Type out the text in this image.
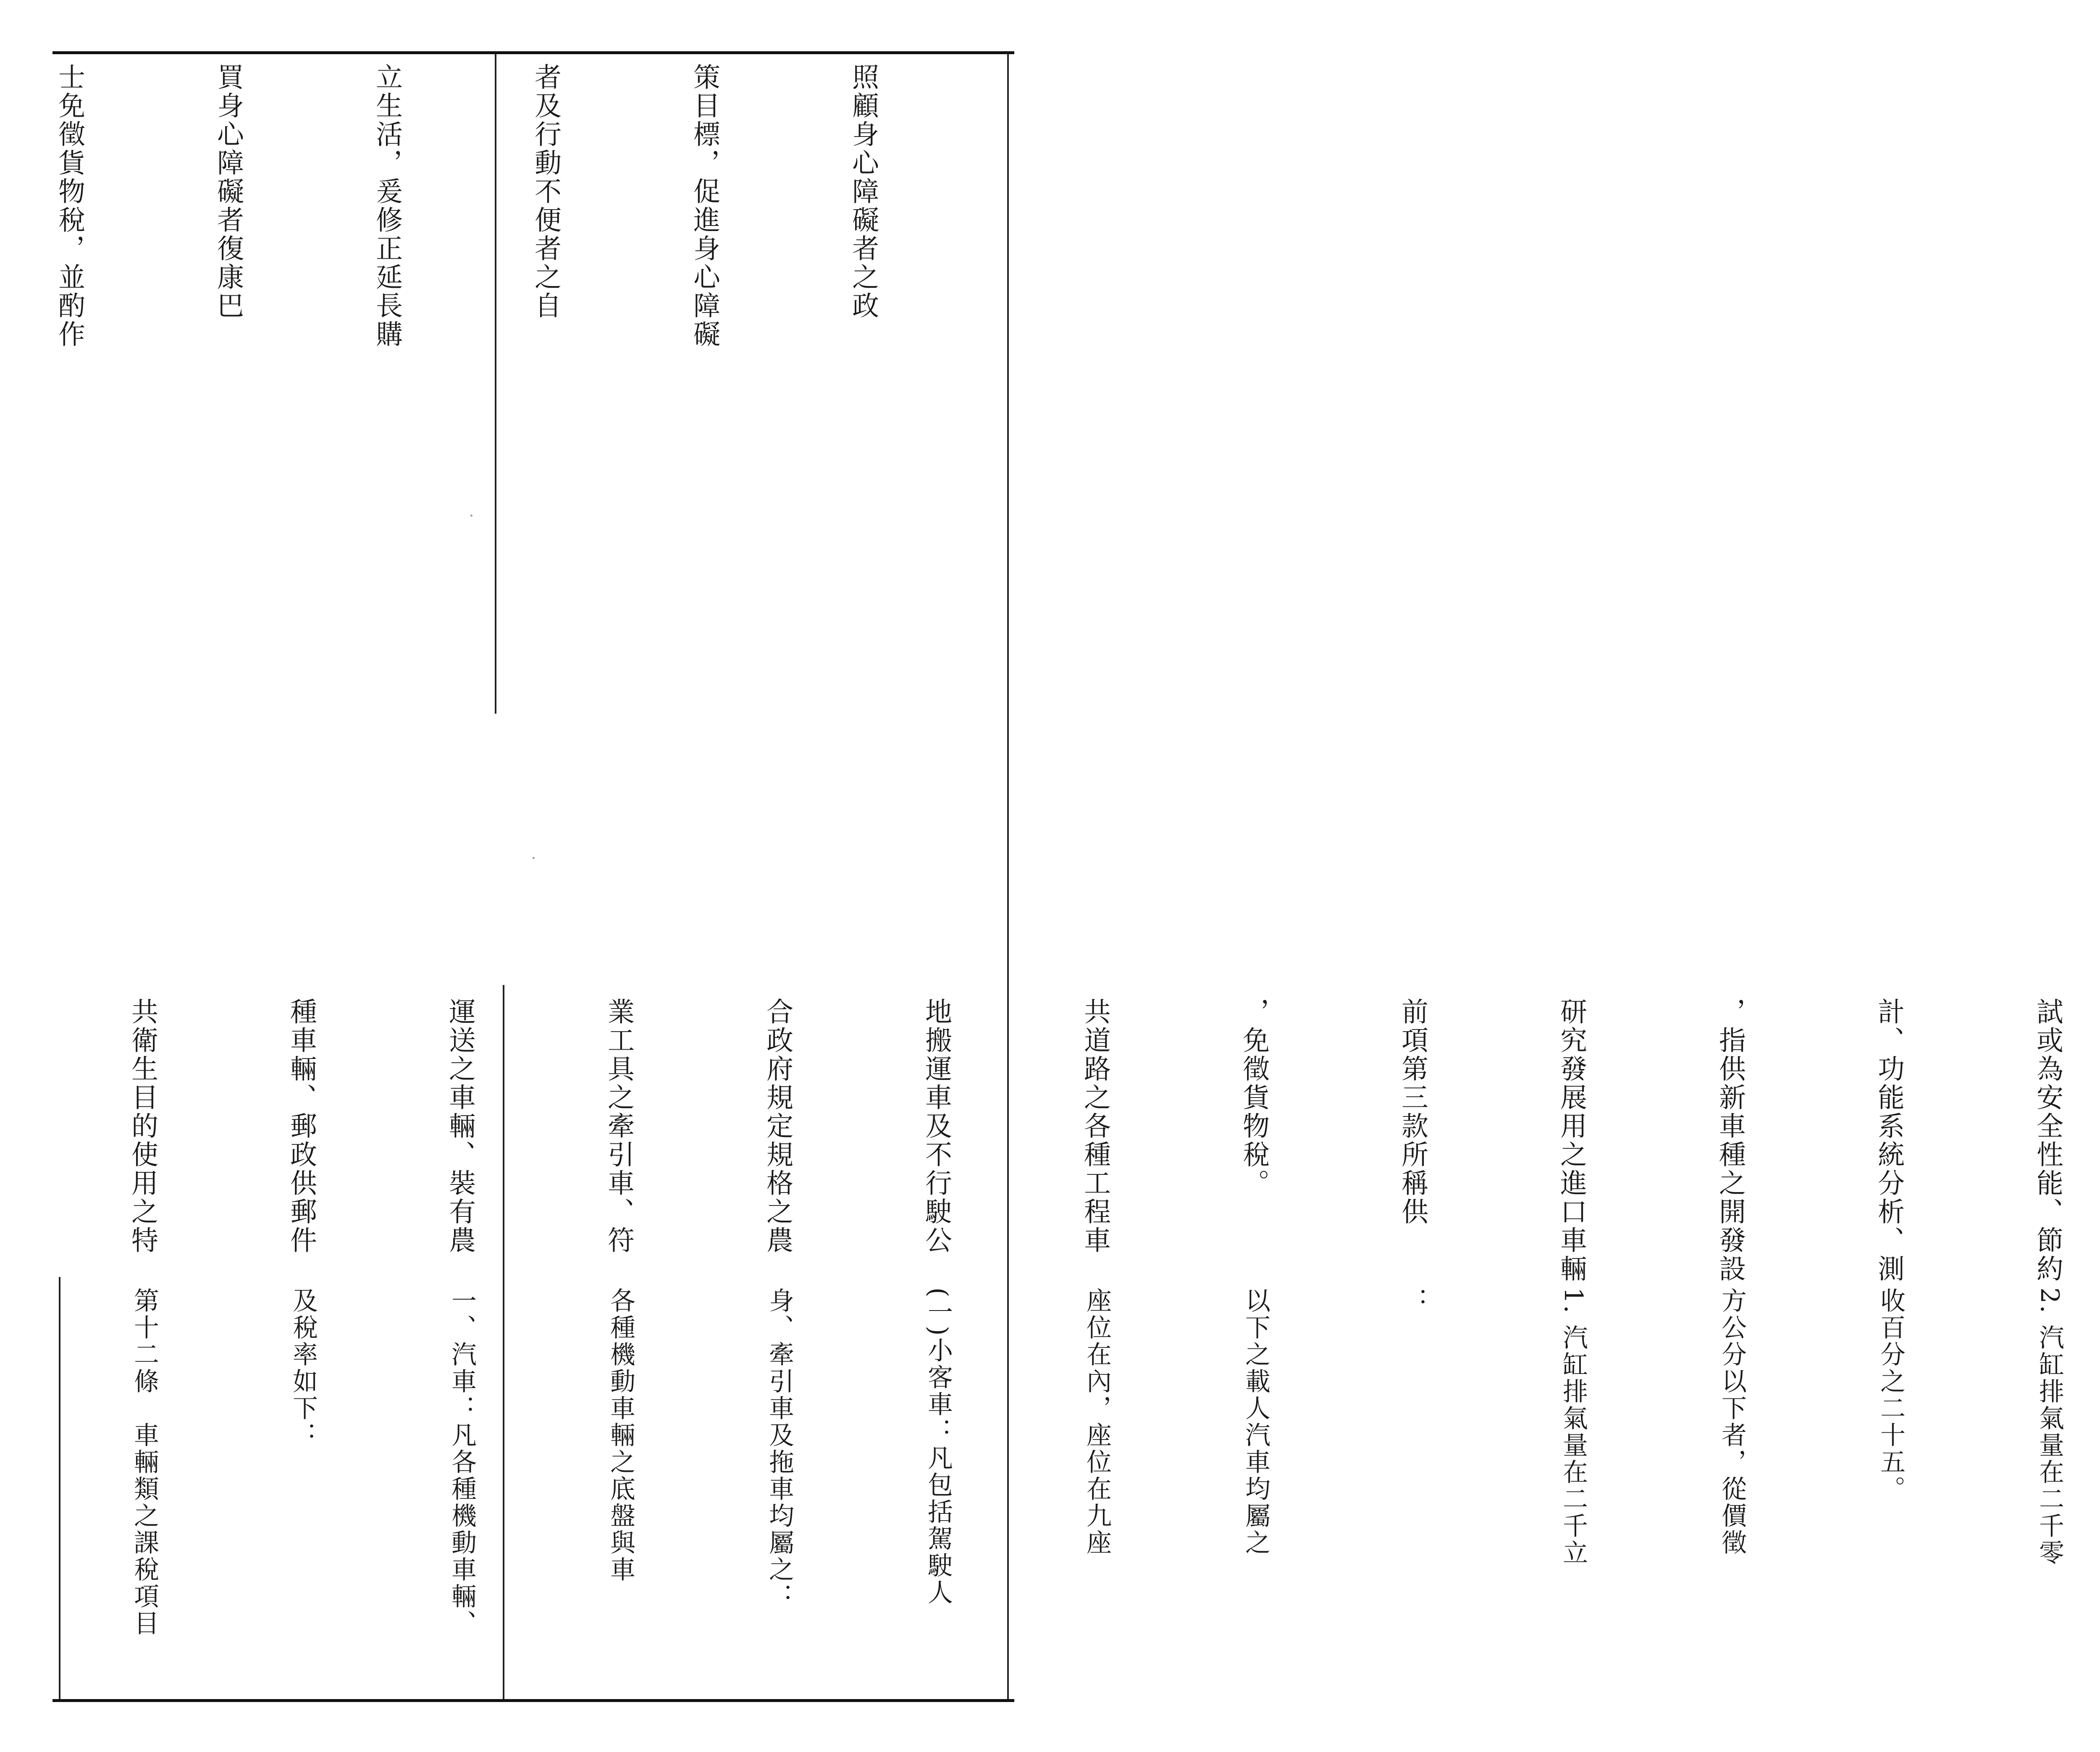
照顧身心障礙者之政

策目標，促進身心障礙

者及行動不便者之自

立生活，爰修正延長購

買身心障礙者復康巴

士免徵貨物稅，並酌作

試或為安全性能、節約

計、功能系統分析、測

，指供新車種之開發設

研究發展用之進口車輛

前項第三款所稱供

，免徵貨物稅。

共道路之各種工程車

地搬運車及不行駛公

合政府規定規格之農

業工具之牽引車、符

運送之車輛、裝有農

種車輛、郵政供郵件

共衛生目的使用之特

2. 汽缸排氣量在二千零

收百分之二十五。

方公分以下者，從價徵

1. 汽缸排氣量在二千立

：

以下之載人汽車均屬之

座位在內，座位在九座

(一)小客車：凡包括駕駛人

身、牽引車及拖車均屬之：

各種機動車輛之底盤與車

一、汽車：凡各種機動車輛、

及稅率如下：

第十二條　車輛類之課稅項目
